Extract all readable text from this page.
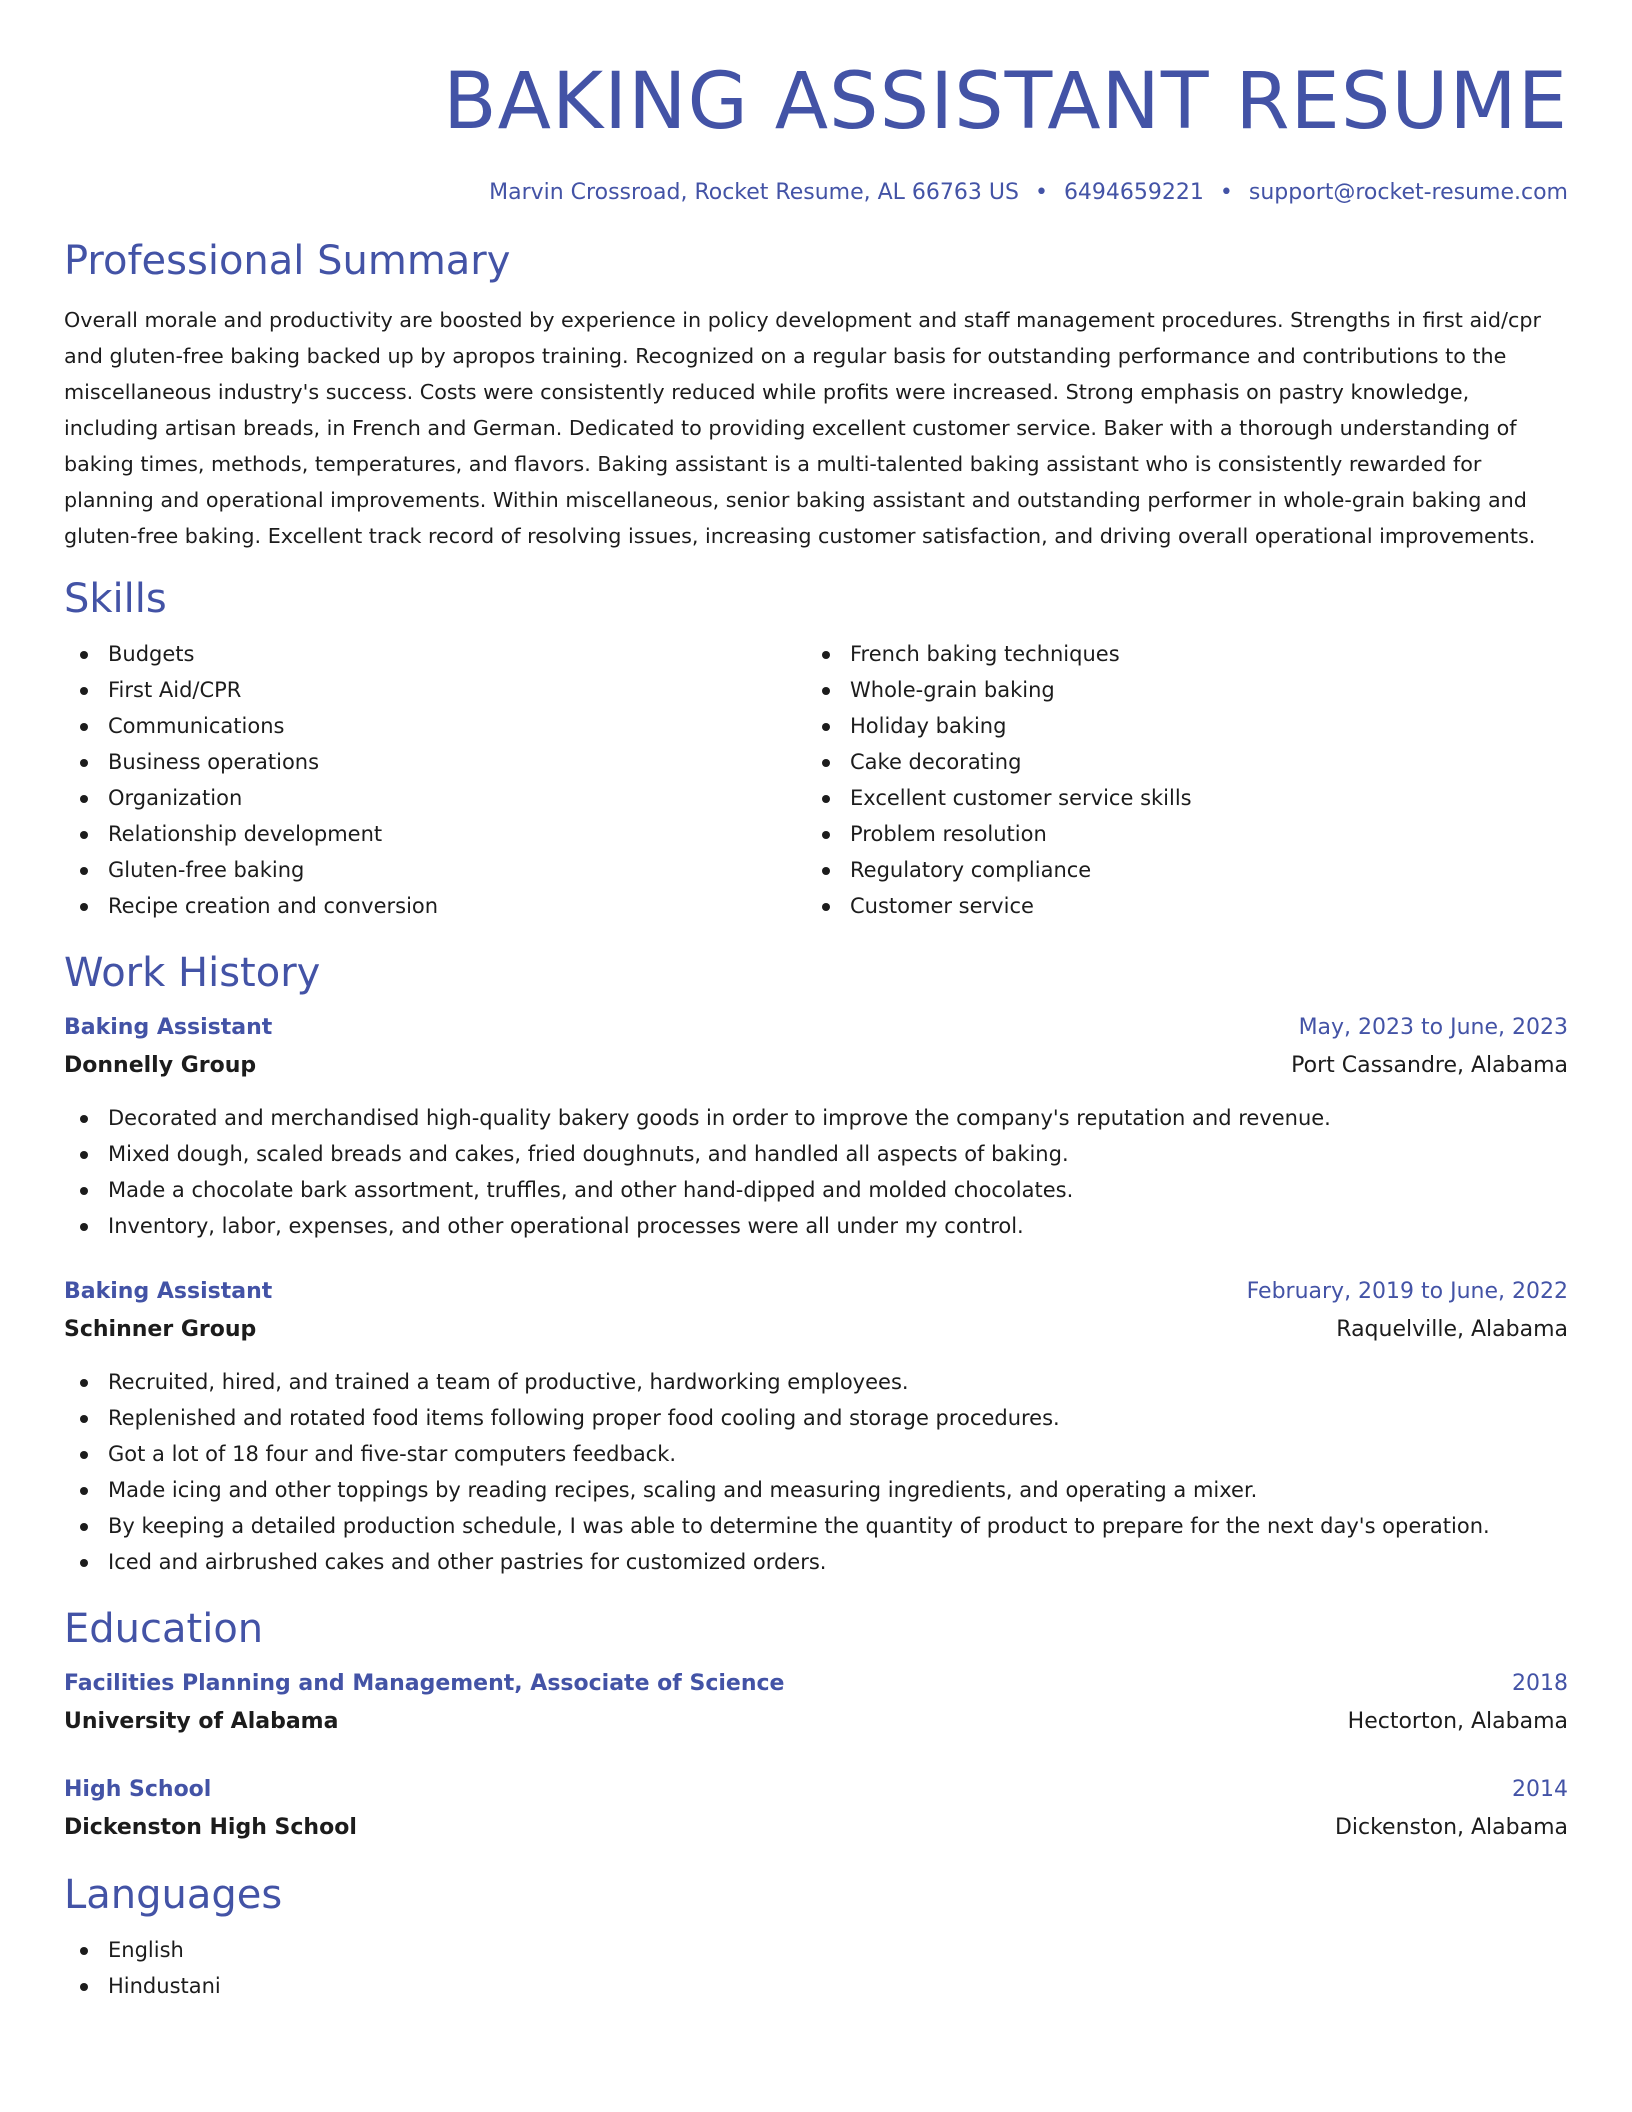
BAKING ASSISTANT RESUME
Marvin Crossroad, Rocket Resume, AL 66763 US • 6494659221 • support@rocket-resume.com
Professional Summary

Overall morale and productivity are boosted by experience in policy development and staff management procedures. Strengths in first aid/cpr and gluten-free baking backed up by apropos training. Recognized on a regular basis for outstanding performance and contributions to the miscellaneous industry's success. Costs were consistently reduced while profits were increased. Strong emphasis on pastry knowledge, including artisan breads, in French and German. Dedicated to providing excellent customer service. Baker with a thorough understanding of baking times, methods, temperatures, and flavors. Baking assistant is a multi-talented baking assistant who is consistently rewarded for planning and operational improvements. Within miscellaneous, senior baking assistant and outstanding performer in whole-grain baking and gluten-free baking. Excellent track record of resolving issues, increasing customer satisfaction, and driving overall operational improvements.

Skills
Budgets
First Aid/CPR
Communications
Business operations
Organization
Relationship development
Gluten-free baking
Recipe creation and conversion
French baking techniques
Whole-grain baking
Holiday baking
Cake decorating
Excellent customer service skills
Problem resolution
Regulatory compliance
Customer service
Work History
Baking Assistant	May, 2023 to June, 2023
Donnelly Group	Port Cassandre, Alabama
Decorated and merchandised high-quality bakery goods in order to improve the company's reputation and revenue.
Mixed dough, scaled breads and cakes, fried doughnuts, and handled all aspects of baking.
Made a chocolate bark assortment, truffles, and other hand-dipped and molded chocolates.
Inventory, labor, expenses, and other operational processes were all under my control.
Baking Assistant	February, 2019 to June, 2022
Schinner Group	Raquelville, Alabama
Recruited, hired, and trained a team of productive, hardworking employees.
Replenished and rotated food items following proper food cooling and storage procedures.
Got a lot of 18 four and five-star computers feedback.
Made icing and other toppings by reading recipes, scaling and measuring ingredients, and operating a mixer.
By keeping a detailed production schedule, I was able to determine the quantity of product to prepare for the next day's operation.
Iced and airbrushed cakes and other pastries for customized orders.
Education
Facilities Planning and Management, Associate of Science	2018
University of Alabama	Hectorton, Alabama
High School	2014
Dickenston High School	Dickenston, Alabama
Languages
English
Hindustani
